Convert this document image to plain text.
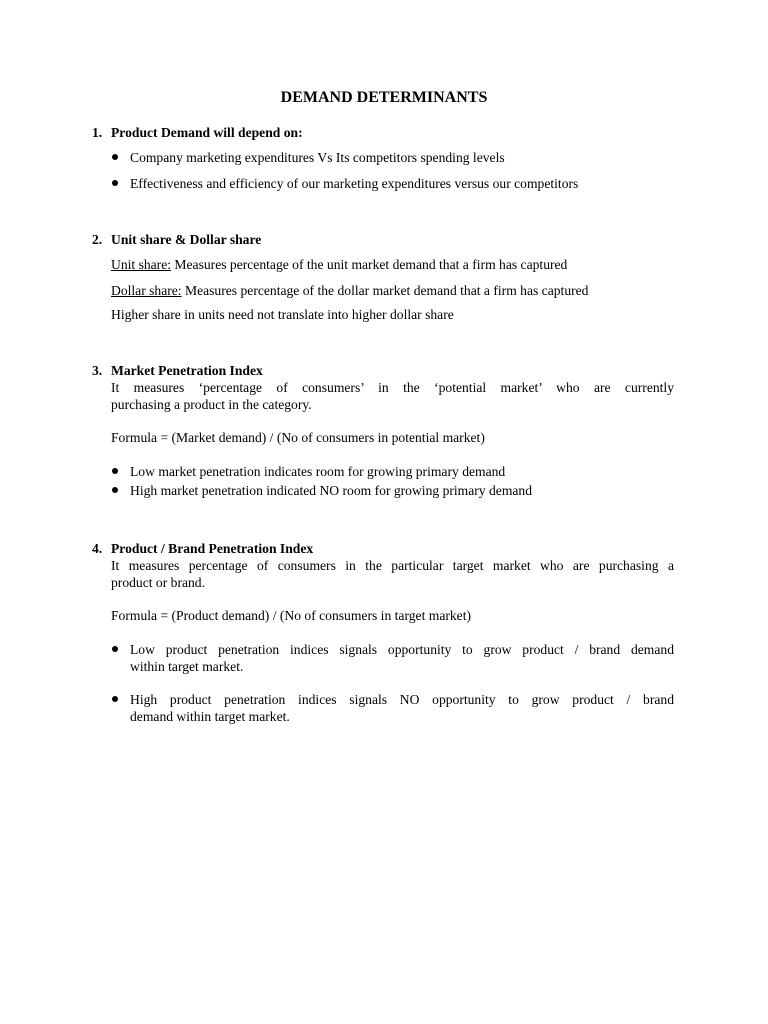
DEMAND DETERMINANTS
1. Product Demand will depend on:
Company marketing expenditures Vs Its competitors spending levels
Effectiveness and efficiency of our marketing expenditures versus our competitors
2. Unit share & Dollar share
Unit share: Measures percentage of the unit market demand that a firm has captured
Dollar share: Measures percentage of the dollar market demand that a firm has captured
Higher share in units need not translate into higher dollar share
3. Market Penetration Index
It measures ‘percentage of consumers’ in the ‘potential market’ who are currently
purchasing a product in the category.
Formula = (Market demand) / (No of consumers in potential market)
Low market penetration indicates room for growing primary demand
High market penetration indicated NO room for growing primary demand
4. Product / Brand Penetration Index
It measures percentage of consumers in the particular target market who are purchasing a
product or brand.
Formula = (Product demand) / (No of consumers in target market)
Low product penetration indices signals opportunity to grow product / brand demand
within target market.
High product penetration indices signals NO opportunity to grow product / brand
demand within target market.
